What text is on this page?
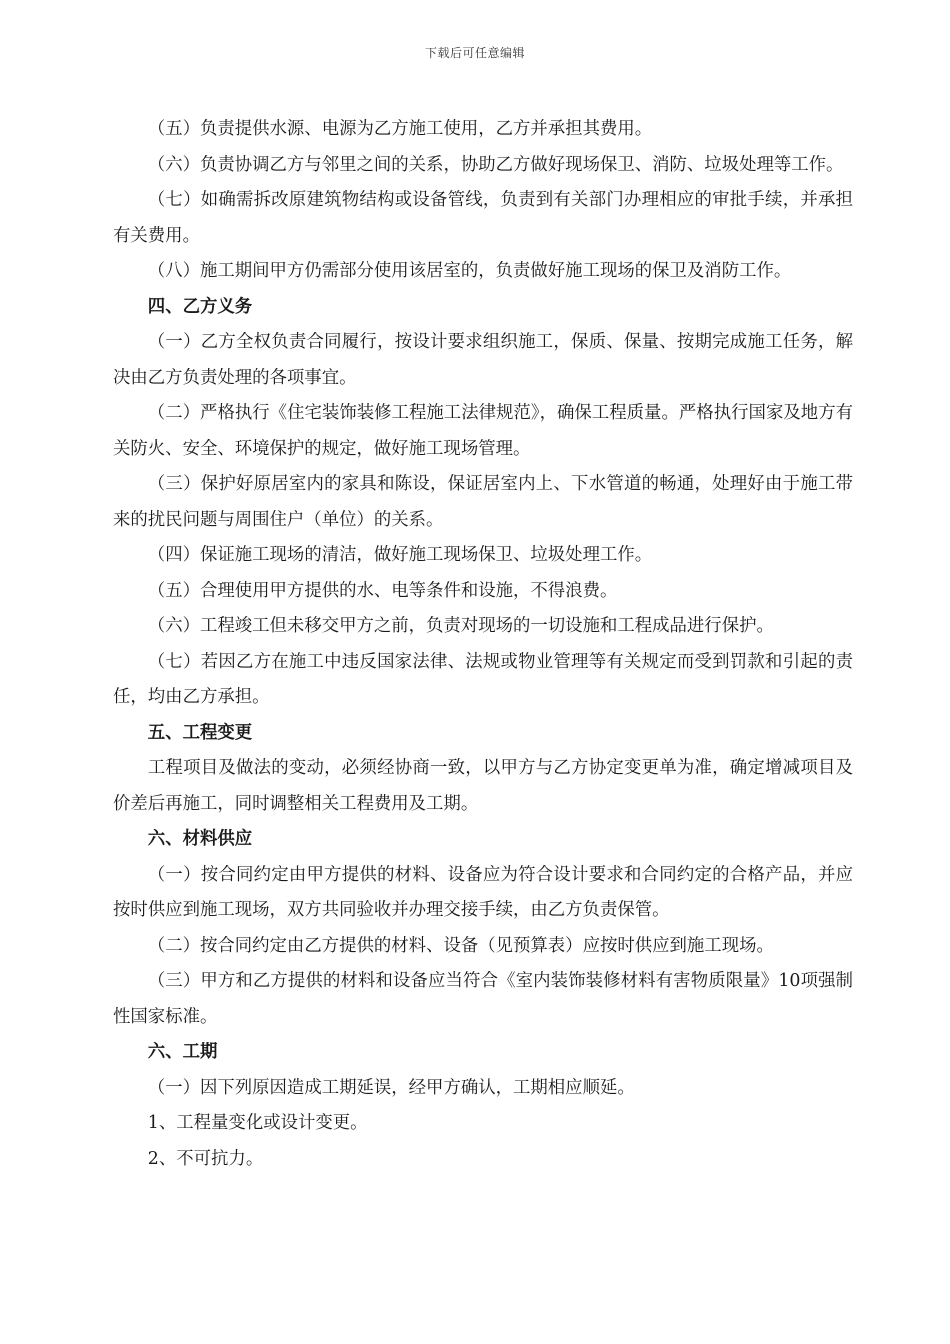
下载后可任意编辑

（五）负责提供水源、电源为乙方施工使用，乙方并承担其费用。

（六）负责协调乙方与邻里之间的关系，协助乙方做好现场保卫、消防、垃圾处理等工作。

（七）如确需拆改原建筑物结构或设备管线，负责到有关部门办理相应的审批手续，并承担有关费用。

（八）施工期间甲方仍需部分使用该居室的，负责做好施工现场的保卫及消防工作。

四、乙方义务

（一）乙方全权负责合同履行，按设计要求组织施工，保质、保量、按期完成施工任务，解决由乙方负责处理的各项事宜。

（二）严格执行《住宅装饰装修工程施工法律规范》，确保工程质量。严格执行国家及地方有关防火、安全、环境保护的规定，做好施工现场管理。

（三）保护好原居室内的家具和陈设，保证居室内上、下水管道的畅通，处理好由于施工带来的扰民问题与周围住户（单位）的关系。

（四）保证施工现场的清洁，做好施工现场保卫、垃圾处理工作。

（五）合理使用甲方提供的水、电等条件和设施，不得浪费。

（六）工程竣工但未移交甲方之前，负责对现场的一切设施和工程成品进行保护。

（七）若因乙方在施工中违反国家法律、法规或物业管理等有关规定而受到罚款和引起的责任，均由乙方承担。

五、工程变更

工程项目及做法的变动，必须经协商一致，以甲方与乙方协定变更单为准，确定增减项目及价差后再施工，同时调整相关工程费用及工期。

六、材料供应

（一）按合同约定由甲方提供的材料、设备应为符合设计要求和合同约定的合格产品，并应按时供应到施工现场，双方共同验收并办理交接手续，由乙方负责保管。

（二）按合同约定由乙方提供的材料、设备（见预算表）应按时供应到施工现场。

（三）甲方和乙方提供的材料和设备应当符合《室内装饰装修材料有害物质限量》10项强制性国家标准。

六、工期

（一）因下列原因造成工期延误，经甲方确认，工期相应顺延。

1、工程量变化或设计变更。

2、不可抗力。
